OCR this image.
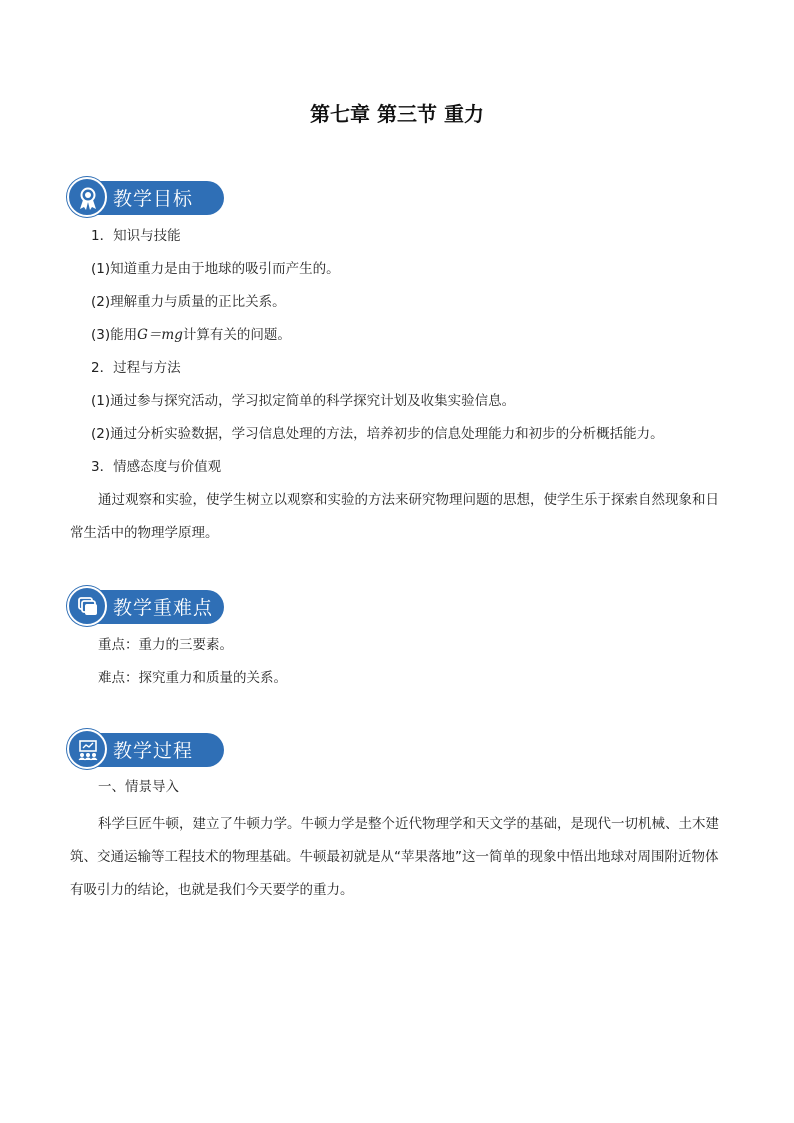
第七章 第三节 重力
教学目标
1．知识与技能
(1)知道重力是由于地球的吸引而产生的。
(2)理解重力与质量的正比关系。
(3)能用G＝mg计算有关的问题。
2．过程与方法
(1)通过参与探究活动，学习拟定简单的科学探究计划及收集实验信息。
(2)通过分析实验数据，学习信息处理的方法，培养初步的信息处理能力和初步的分析概括能力。
3．情感态度与价值观
通过观察和实验，使学生树立以观察和实验的方法来研究物理问题的思想，使学生乐于探索自然现象和日常生活中的物理学原理。
教学重难点
重点：重力的三要素。
难点：探究重力和质量的关系。
教学过程
一、情景导入
科学巨匠牛顿，建立了牛顿力学。牛顿力学是整个近代物理学和天文学的基础，是现代一切机械、土木建筑、交通运输等工程技术的物理基础。牛顿最初就是从“苹果落地”这一简单的现象中悟出地球对周围附近物体有吸引力的结论，也就是我们今天要学的重力。
